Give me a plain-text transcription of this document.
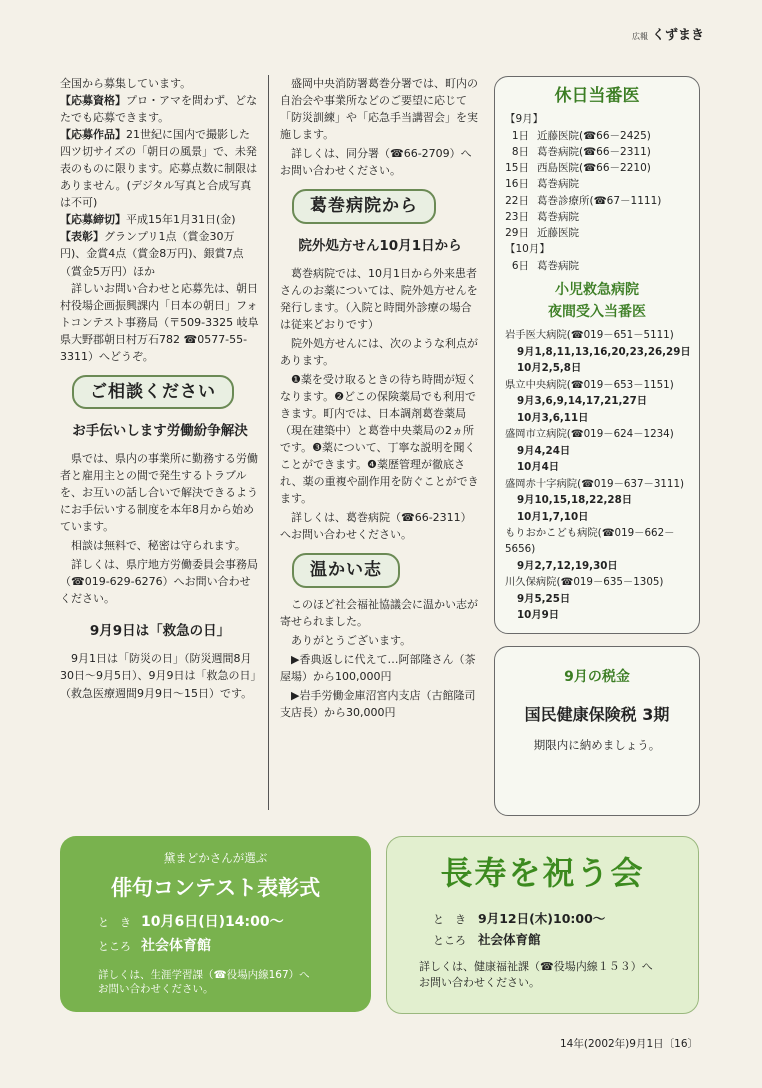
広報 くずまき

全国から募集しています。

【応募資格】プロ・アマを問わず、どなたでも応募できます。

【応募作品】21世紀に国内で撮影した四ツ切サイズの「朝日の風景」で、未発表のものに限ります。応募点数に制限はありません。(デジタル写真と合成写真は不可)

【応募締切】平成15年1月31日(金)

【表彰】グランプリ1点（賞金30万円)、金賞4点（賞金8万円)、銀賞7点（賞金5万円）ほか

詳しいお問い合わせと応募先は、朝日村役場企画振興課内「日本の朝日」フォトコンテスト事務局（〒509-3325 岐阜県大野郡朝日村万石782 ☎0577-55-3311）へどうぞ。

ご相談ください
お手伝いします労働紛争解決

県では、県内の事業所に勤務する労働者と雇用主との間で発生するトラブルを、お互いの話し合いで解決できるようにお手伝いする制度を本年8月から始めています。

相談は無料で、秘密は守られます。

詳しくは、県庁地方労働委員会事務局（☎019-629-6276）へお問い合わせください。

9月9日は「救急の日」

9月1日は「防災の日」（防災週間8月30日～9月5日）、9月9日は「救急の日」（救急医療週間9月9日～15日）です。

盛岡中央消防署葛巻分署では、町内の自治会や事業所などのご要望に応じて「防災訓練」や「応急手当講習会」を実施します。

詳しくは、同分署（☎66-2709）へお問い合わせください。

葛巻病院から
院外処方せん10月1日から

葛巻病院では、10月1日から外来患者さんのお薬については、院外処方せんを発行します。（入院と時間外診療の場合は従来どおりです）

院外処方せんには、次のような利点があります。

❶薬を受け取るときの待ち時間が短くなります。❷どこの保険薬局でも利用できます。町内では、日本調剤葛巻薬局（現在建築中）と葛巻中央薬局の2ヵ所です。❸薬について、丁寧な説明を聞くことができます。❹薬歴管理が徹底され、薬の重複や副作用を防ぐことができます。

詳しくは、葛巻病院（☎66-2311）へお問い合わせください。

温かい志

このほど社会福祉協議会に温かい志が寄せられました。

ありがとうございます。

▶香典返しに代えて…阿部隆さん（茶屋場）から100,000円

▶岩手労働金庫沼宮内支店（古館隆司支店長）から30,000円

休日当番医
【9月】
1日 近藤医院(☎66－2425)
8日 葛巻病院(☎66－2311)
15日 西島医院(☎66－2210)
16日 葛巻病院
22日 葛巻診療所(☎67－1111)
23日 葛巻病院
29日 近藤医院
【10月】
6日 葛巻病院
小児救急病院
夜間受入当番医
岩手医大病院(☎019－651－5111)
9月1,8,11,13,16,20,23,26,29日
10月2,5,8日
県立中央病院(☎019－653－1151)
9月3,6,9,14,17,21,27日
10月3,6,11日
盛岡市立病院(☎019－624－1234)
9月4,24日
10月4日
盛岡赤十字病院(☎019－637－3111)
9月10,15,18,22,28日
10月1,7,10日
もりおかこども病院(☎019－662－5656)
9月2,7,12,19,30日
川久保病院(☎019－635－1305)
9月5,25日
10月9日
9月の税金
国民健康保険税 3期
期限内に納めましょう。
黛まどかさんが選ぶ
俳句コンテスト表彰式
と　き 10月6日(日)14:00～
ところ 社会体育館
詳しくは、生涯学習課（☎役場内線167）へ
お問い合わせください。
長寿を祝う会
と　き 9月12日(木)10:00～
ところ 社会体育館
詳しくは、健康福祉課（☎役場内線１５３）へ
お問い合わせください。
14年(2002年)9月1日〔16〕
